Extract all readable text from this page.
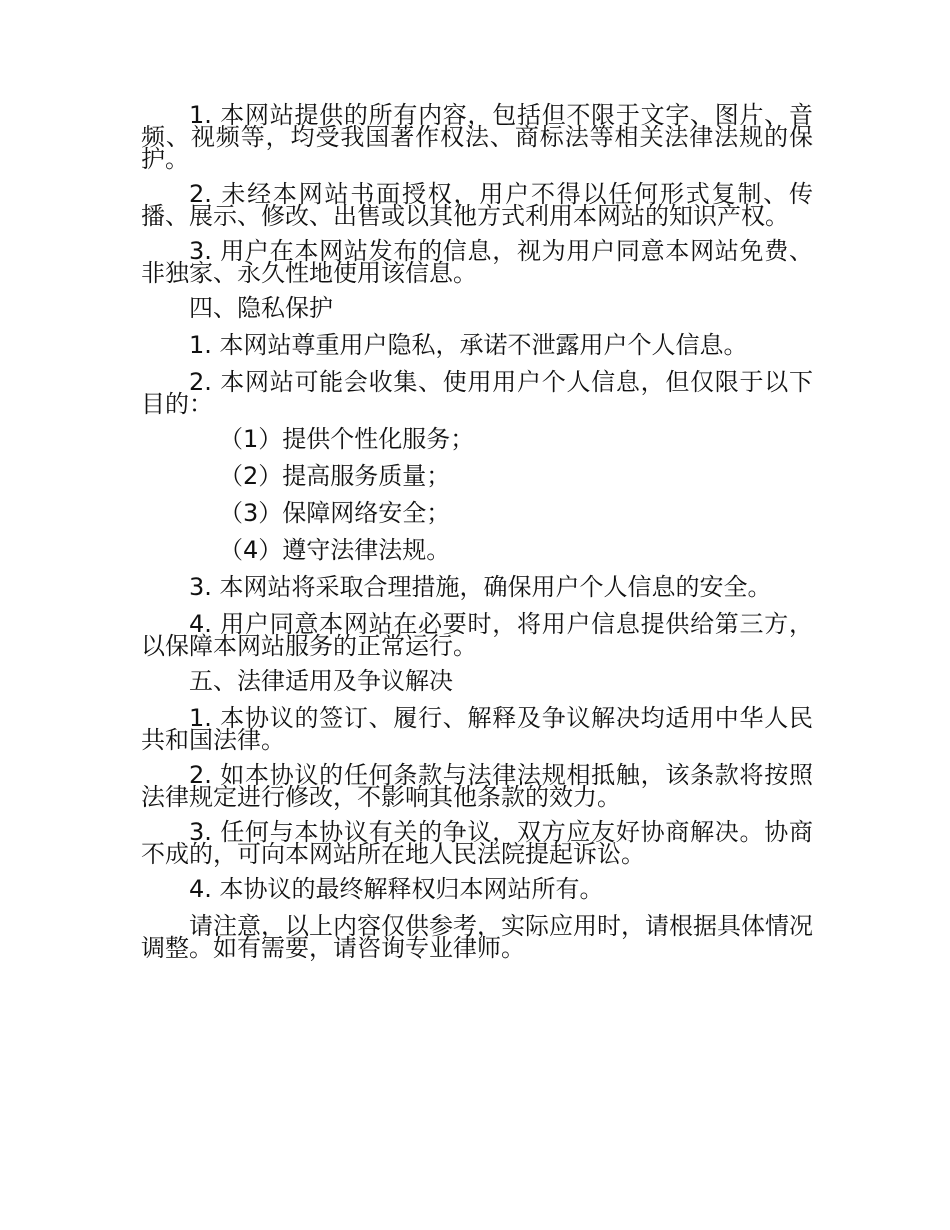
1. 本网站提供的所有内容，包括但不限于文字、图片、音频、视频等，均受我国著作权法、商标法等相关法律法规的保护。

2. 未经本网站书面授权，用户不得以任何形式复制、传播、展示、修改、出售或以其他方式利用本网站的知识产权。

3. 用户在本网站发布的信息，视为用户同意本网站免费、非独家、永久性地使用该信息。

四、隐私保护

1. 本网站尊重用户隐私，承诺不泄露用户个人信息。

2. 本网站可能会收集、使用用户个人信息，但仅限于以下目的：

（1）提供个性化服务；

（2）提高服务质量；

（3）保障网络安全；

（4）遵守法律法规。

3. 本网站将采取合理措施，确保用户个人信息的安全。

4. 用户同意本网站在必要时，将用户信息提供给第三方，以保障本网站服务的正常运行。

五、法律适用及争议解决

1. 本协议的签订、履行、解释及争议解决均适用中华人民共和国法律。

2. 如本协议的任何条款与法律法规相抵触，该条款将按照法律规定进行修改，不影响其他条款的效力。

3. 任何与本协议有关的争议，双方应友好协商解决。协商不成的，可向本网站所在地人民法院提起诉讼。

4. 本协议的最终解释权归本网站所有。

请注意，以上内容仅供参考，实际应用时，请根据具体情况调整。如有需要，请咨询专业律师。
